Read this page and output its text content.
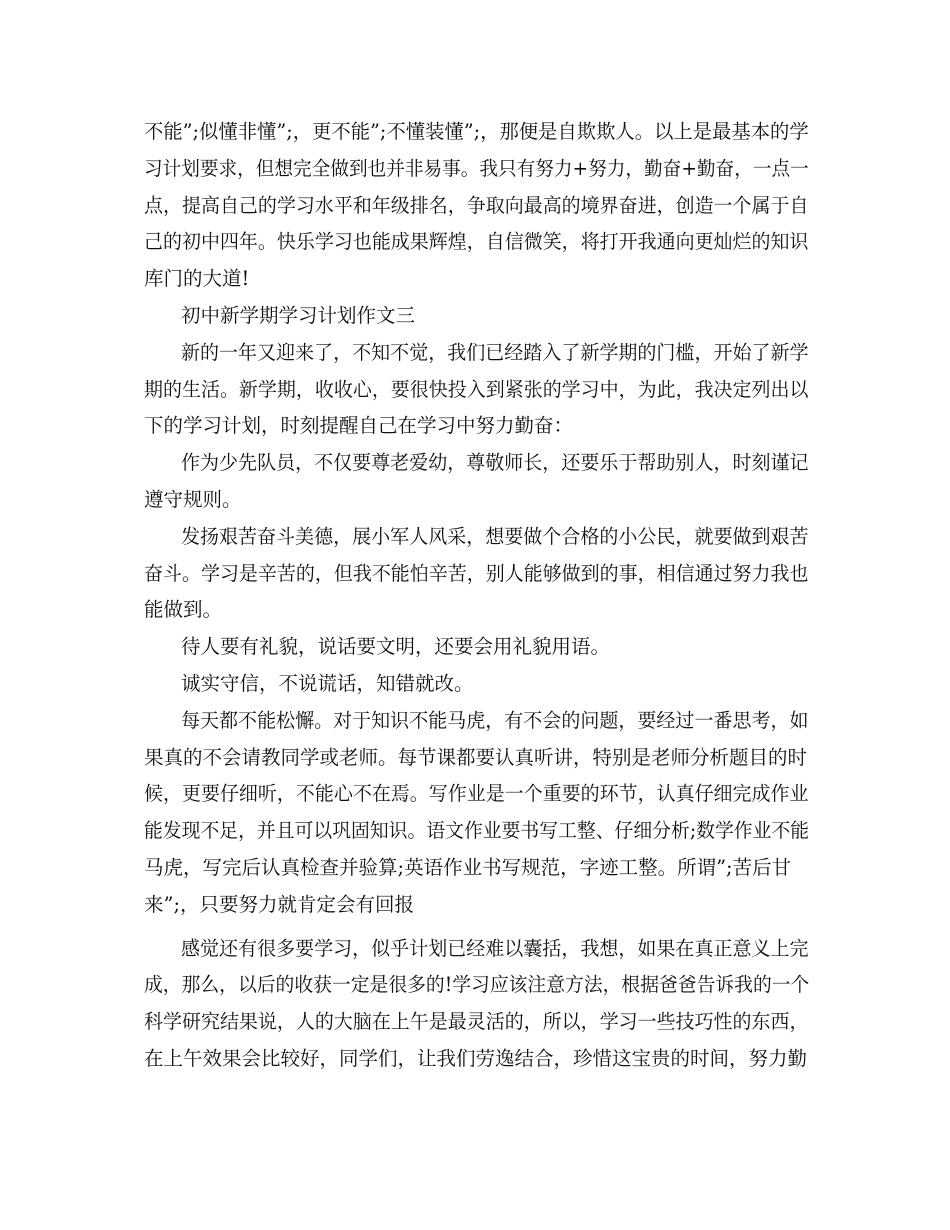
不能”;似懂非懂”;，更不能”;不懂装懂”;，那便是自欺欺人。以上是最基本的学
习计划要求，但想完全做到也并非易事。我只有努力+努力，勤奋+勤奋，一点一
点，提高自己的学习水平和年级排名，争取向最高的境界奋进，创造一个属于自
己的初中四年。快乐学习也能成果辉煌，自信微笑，将打开我通向更灿烂的知识
库门的大道!
初中新学期学习计划作文三
新的一年又迎来了，不知不觉，我们已经踏入了新学期的门槛，开始了新学
期的生活。新学期，收收心，要很快投入到紧张的学习中，为此，我决定列出以
下的学习计划，时刻提醒自己在学习中努力勤奋：
作为少先队员，不仅要尊老爱幼，尊敬师长，还要乐于帮助别人，时刻谨记
遵守规则。
发扬艰苦奋斗美德，展小军人风采，想要做个合格的小公民，就要做到艰苦
奋斗。学习是辛苦的，但我不能怕辛苦，别人能够做到的事，相信通过努力我也
能做到。
待人要有礼貌，说话要文明，还要会用礼貌用语。
诚实守信，不说谎话，知错就改。
每天都不能松懈。对于知识不能马虎，有不会的问题，要经过一番思考，如
果真的不会请教同学或老师。每节课都要认真听讲，特别是老师分析题目的时
候，更要仔细听，不能心不在焉。写作业是一个重要的环节，认真仔细完成作业
能发现不足，并且可以巩固知识。语文作业要书写工整、仔细分析;数学作业不能
马虎，写完后认真检查并验算;英语作业书写规范，字迹工整。所谓”;苦后甘
来”;，只要努力就肯定会有回报
感觉还有很多要学习，似乎计划已经难以囊括，我想，如果在真正意义上完
成，那么，以后的收获一定是很多的!学习应该注意方法，根据爸爸告诉我的一个
科学研究结果说，人的大脑在上午是最灵活的，所以，学习一些技巧性的东西，
在上午效果会比较好，同学们，让我们劳逸结合，珍惜这宝贵的时间，努力勤
